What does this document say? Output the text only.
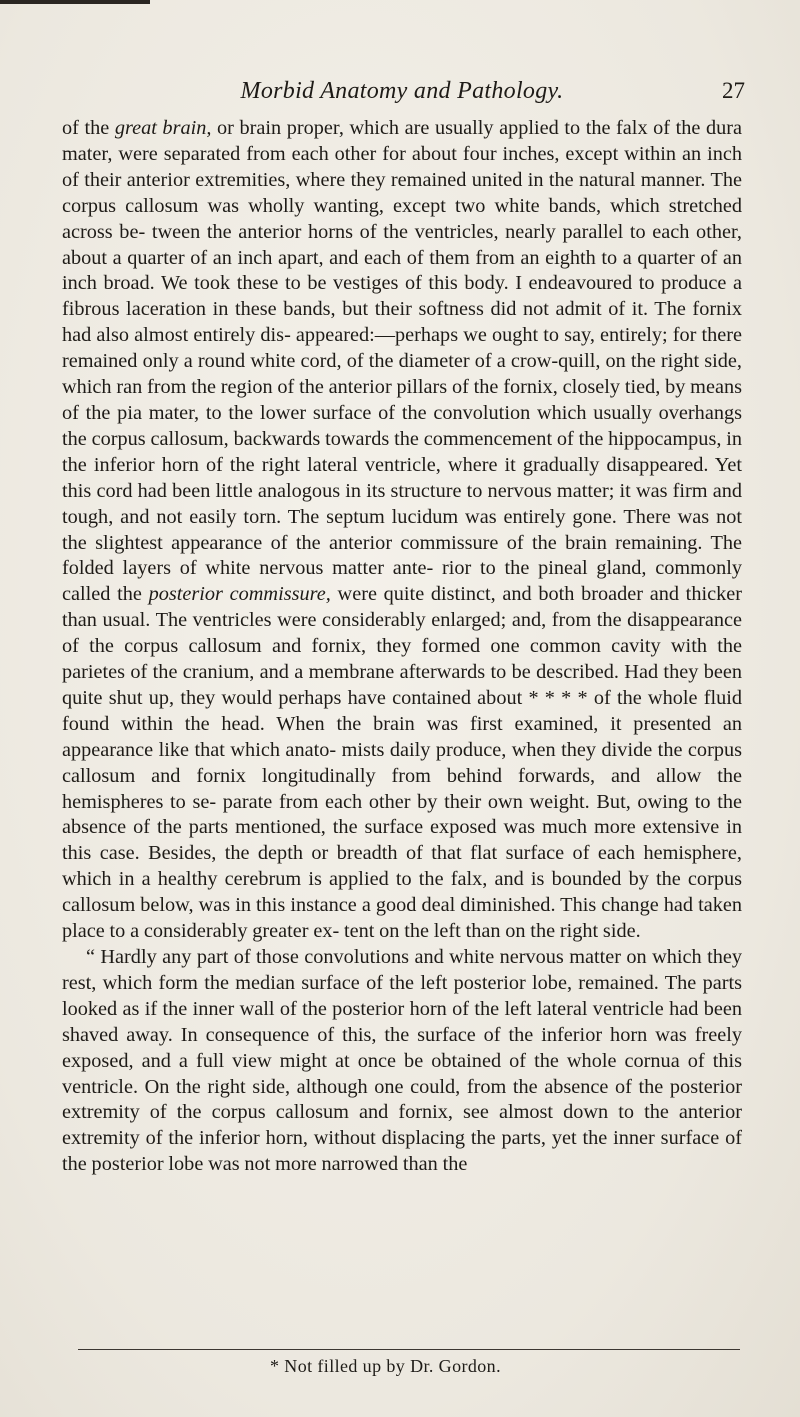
Morbid Anatomy and Pathology.	27

of the great brain, or brain proper, which are usually applied to the falx of the dura mater, were separated from each other for about four inches, except within an inch of their anterior extremities, where they remained united in the natural manner. The corpus callosum was wholly wanting, except two white bands, which stretched across be- tween the anterior horns of the ventricles, nearly parallel to each other, about a quarter of an inch apart, and each of them from an eighth to a quarter of an inch broad. We took these to be vestiges of this body. I endeavoured to produce a fibrous laceration in these bands, but their softness did not admit of it. The fornix had also almost entirely dis- appeared:—perhaps we ought to say, entirely; for there remained only a round white cord, of the diameter of a crow-quill, on the right side, which ran from the region of the anterior pillars of the fornix, closely tied, by means of the pia mater, to the lower surface of the convolution which usually overhangs the corpus callosum, backwards towards the commencement of the hippocampus, in the inferior horn of the right lateral ventricle, where it gradually disappeared. Yet this cord had been little analogous in its structure to nervous matter; it was firm and tough, and not easily torn. The septum lucidum was entirely gone. There was not the slightest appearance of the anterior commissure of the brain remaining. The folded layers of white nervous matter ante- rior to the pineal gland, commonly called the posterior commissure, were quite distinct, and both broader and thicker than usual. The ventricles were considerably enlarged; and, from the disappearance of the corpus callosum and fornix, they formed one common cavity with the parietes of the cranium, and a membrane afterwards to be described. Had they been quite shut up, they would perhaps have contained about * * * * of the whole fluid found within the head. When the brain was first examined, it presented an appearance like that which anato- mists daily produce, when they divide the corpus callosum and fornix longitudinally from behind forwards, and allow the hemispheres to se- parate from each other by their own weight. But, owing to the absence of the parts mentioned, the surface exposed was much more extensive in this case. Besides, the depth or breadth of that flat surface of each hemisphere, which in a healthy cerebrum is applied to the falx, and is bounded by the corpus callosum below, was in this instance a good deal diminished. This change had taken place to a considerably greater ex- tent on the left than on the right side.

“ Hardly any part of those convolutions and white nervous matter on which they rest, which form the median surface of the left posterior lobe, remained. The parts looked as if the inner wall of the posterior horn of the left lateral ventricle had been shaved away. In consequence of this, the surface of the inferior horn was freely exposed, and a full view might at once be obtained of the whole cornua of this ventricle. On the right side, although one could, from the absence of the posterior extremity of the corpus callosum and fornix, see almost down to the anterior extremity of the inferior horn, without displacing the parts, yet the inner surface of the posterior lobe was not more narrowed than the

* Not filled up by Dr. Gordon.
